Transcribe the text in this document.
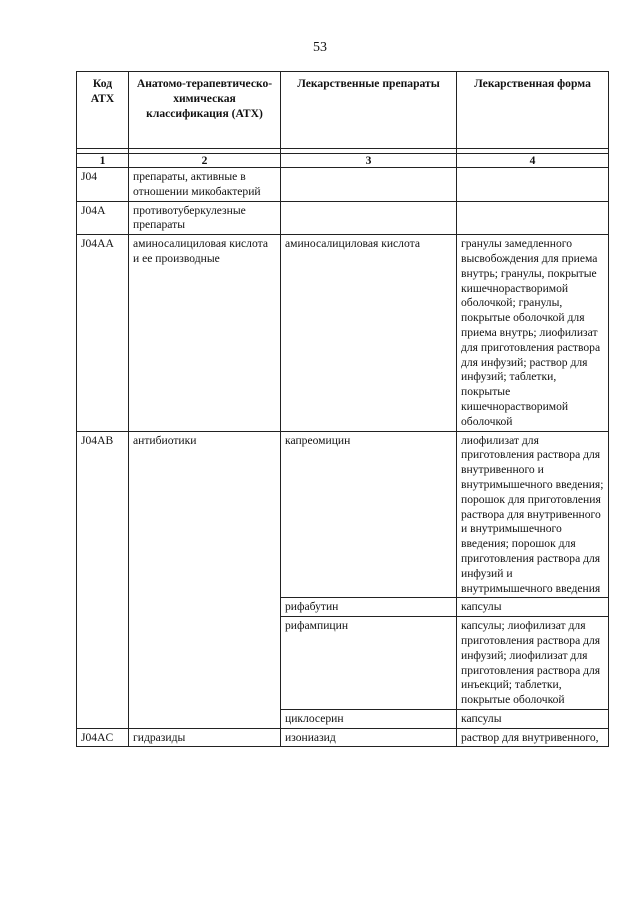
53
Код АТХ	Анатомо-терапевтическо-химическая классификация (АТХ)	Лекарственные препараты	Лекарственная форма

1	2	3	4
J04	препараты, активные в отношении микобактерий		
J04A	противотуберкулезные препараты		
J04AA	аминосалициловая кислота и ее производные	аминосалициловая кислота	гранулы замедленного высвобождения для приема внутрь; гранулы, покрытые кишечнорастворимой оболочкой; гранулы, покрытые оболочкой для приема внутрь; лиофилизат для приготовления раствора для инфузий; раствор для инфузий; таблетки, покрытые кишечнорастворимой оболочкой
J04AB	антибиотики	капреомицин	лиофилизат для приготовления раствора для внутривенного и внутримышечного введения; порошок для приготовления раствора для внутривенного и внутримышечного введения; порошок для приготовления раствора для инфузий и внутримышечного введения
		рифабутин	капсулы
		рифампицин	капсулы; лиофилизат для приготовления раствора для инфузий; лиофилизат для приготовления раствора для инъекций; таблетки, покрытые оболочкой
		циклосерин	капсулы
J04AC	гидразиды	изониазид	раствор для внутривенного,
